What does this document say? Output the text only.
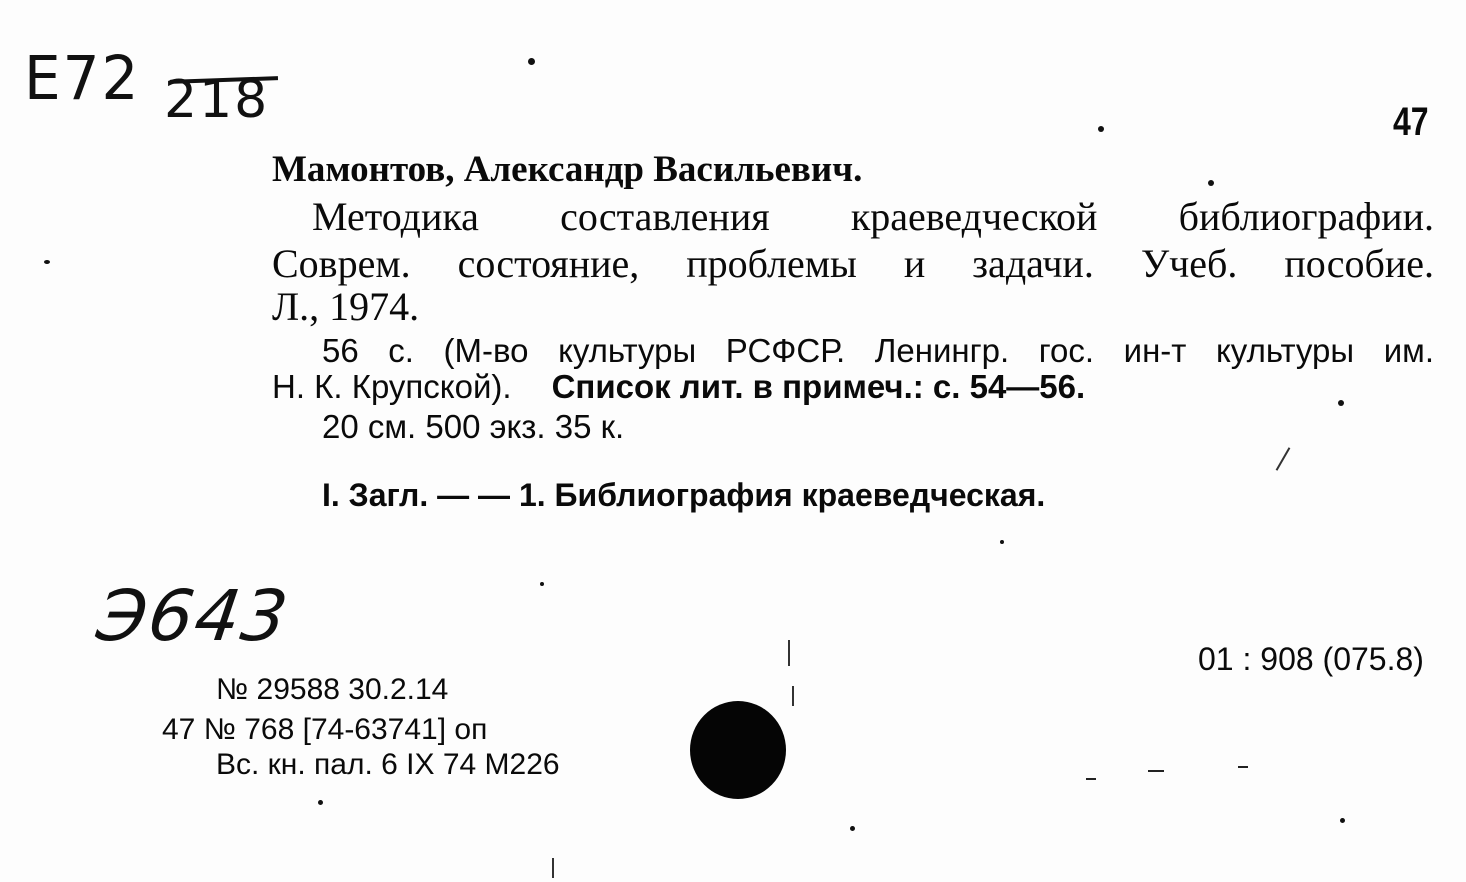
Е72 218	47
Мамонтов, Александр Васильевич.
Методика составления краеведческой библиографии.
Соврем. состояние, проблемы и задачи. Учеб. пособие.
Л., 1974.
56 с. (М-во культуры РСФСР. Ленингр. гос. ин-т культуры им.
Н. К. Крупской). Список лит. в примеч.: с. 54—56.
20 см. 500 экз. 35 к.
I. Загл. — — 1. Библиография краеведческая.
Э643
01 : 908 (075.8)
№ 29588 30.2.14
47 № 768 [74-63741] оп
Вс. кн. пал. 6 IX 74 М226
